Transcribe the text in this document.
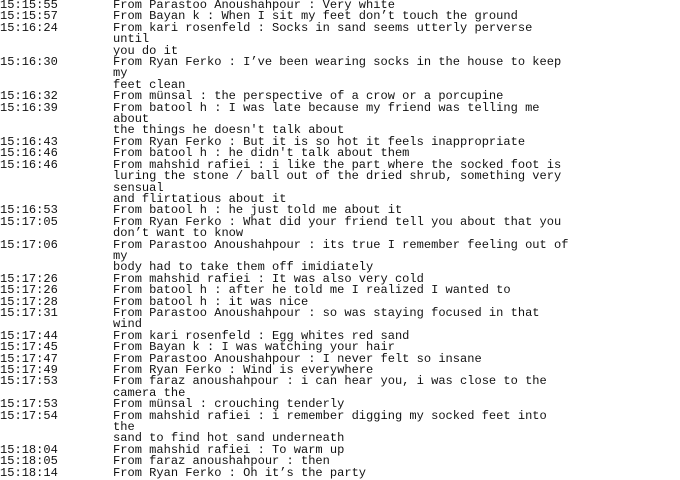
15:15:55	From Parastoo Anoushahpour : Very white
15:15:57	From Bayan k : When I sit my feet don’t touch the ground
15:16:24	From kari rosenfeld : Socks in sand seems utterly perverse until
you do it
15:16:30	From Ryan Ferko : I’ve been wearing socks in the house to keep my
feet clean
15:16:32	From münsal : the perspective of a crow or a porcupine
15:16:39	From batool h : I was late because my friend was telling me about
the things he doesn't talk about
15:16:43	From Ryan Ferko : But it is so hot it feels inappropriate
15:16:46	From batool h : he didn't talk about them
15:16:46	From mahshid rafiei : i like the part where the socked foot is
luring the stone / ball out of the dried shrub, something very sensual
and flirtatious about it
15:16:53	From batool h : he just told me about it
15:17:05	From Ryan Ferko : What did your friend tell you about that you
don’t want to know
15:17:06	From Parastoo Anoushahpour : its true I remember feeling out of my
body had to take them off imidiately
15:17:26	From mahshid rafiei : It was also very cold
15:17:26	From batool h : after he told me I realized I wanted to
15:17:28	From batool h : it was nice
15:17:31	From Parastoo Anoushahpour : so was staying focused in that wind
15:17:44	From kari rosenfeld : Egg whites red sand
15:17:45	From Bayan k : I was watching your hair
15:17:47	From Parastoo Anoushahpour : I never felt so insane
15:17:49	From Ryan Ferko : Wind is everywhere
15:17:53	From faraz anoushahpour : i can hear you, i was close to the
camera the
15:17:53	From münsal : crouching tenderly
15:17:54	From mahshid rafiei : i remember digging my socked feet into the
sand to find hot sand underneath
15:18:04	From mahshid rafiei : To warm up
15:18:05	From faraz anoushahpour : then
15:18:14	From Ryan Ferko : Oh it’s the party
